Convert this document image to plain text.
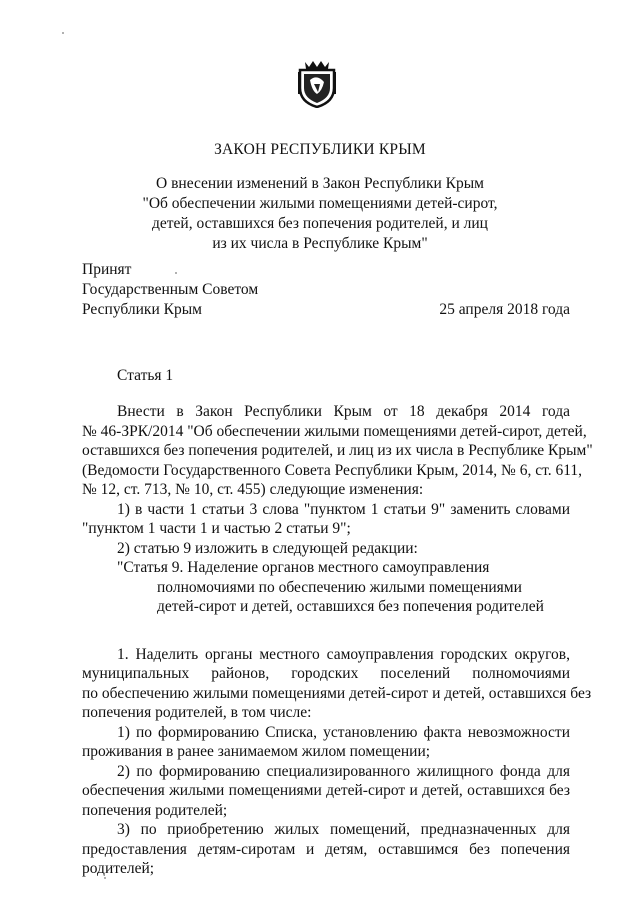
ЗАКОН РЕСПУБЛИКИ КРЫМ
О внесении изменений в Закон Республики Крым
"Об обеспечении жилыми помещениями детей-сирот,
детей, оставшихся без попечения родителей, и лиц
из их числа в Республике Крым"
Принят
Государственным Советом
Республики Крым	25 апреля 2018 года
Статья 1

Внести в Закон Республики Крым от 18 декабря 2014 года

№ 46-ЗРК/2014 "Об обеспечении жилыми помещениями детей-сирот, детей,

оставшихся без попечения родителей, и лиц из их числа в Республике Крым"

(Ведомости Государственного Совета Республики Крым, 2014, № 6, ст. 611,

№ 12, ст. 713, № 10, ст. 455) следующие изменения:

1) в части 1 статьи 3 слова "пунктом 1 статьи 9" заменить словами

"пунктом 1 части 1 и частью 2 статьи 9";

2) статью 9 изложить в следующей редакции:

"Статья 9. Наделение органов местного самоуправления

полномочиями по обеспечению жилыми помещениями

детей-сирот и детей, оставшихся без попечения родителей

1. Наделить органы местного самоуправления городских округов,

муниципальных районов, городских поселений полномочиями

по обеспечению жилыми помещениями детей-сирот и детей, оставшихся без

попечения родителей, в том числе:

1) по формированию Списка, установлению факта невозможности

проживания в ранее занимаемом жилом помещении;

2) по формированию специализированного жилищного фонда для

обеспечения жилыми помещениями детей-сирот и детей, оставшихся без

попечения родителей;

3) по приобретению жилых помещений, предназначенных для

предоставления детям-сиротам и детям, оставшимся без попечения

родителей;
